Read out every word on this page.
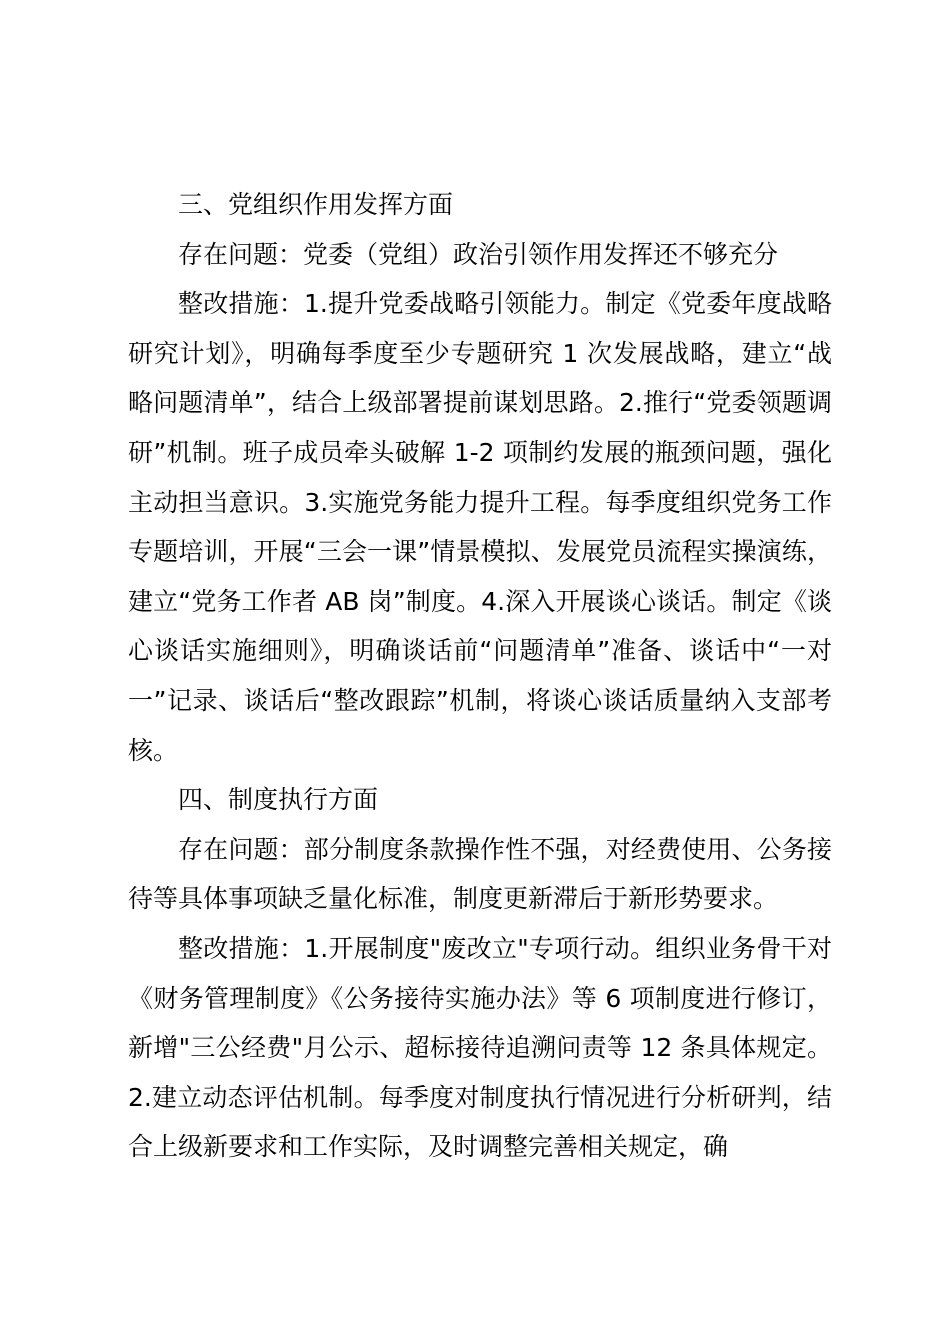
三、党组织作用发挥方面

存在问题：党委（党组）政治引领作用发挥还不够充分

整改措施：1.提升党委战略引领能力。制定《党委年度战略研究计划》，明确每季度至少专题研究 1 次发展战略，建立“战略问题清单”，结合上级部署提前谋划思路。2.推行“党委领题调研”机制。班子成员牵头破解 1-2 项制约发展的瓶颈问题，强化主动担当意识。3.实施党务能力提升工程。每季度组织党务工作专题培训，开展“三会一课”情景模拟、发展党员流程实操演练，建立“党务工作者 AB 岗”制度。4.深入开展谈心谈话。制定《谈心谈话实施细则》，明确谈话前“问题清单”准备、谈话中“一对一”记录、谈话后“整改跟踪”机制，将谈心谈话质量纳入支部考核。

四、制度执行方面

存在问题：部分制度条款操作性不强，对经费使用、公务接待等具体事项缺乏量化标准，制度更新滞后于新形势要求。

整改措施：1.开展制度"废改立"专项行动。组织业务骨干对《财务管理制度》《公务接待实施办法》等 6 项制度进行修订，新增"三公经费"月公示、超标接待追溯问责等 12 条具体规定。 2.建立动态评估机制。每季度对制度执行情况进行分析研判，结合上级新要求和工作实际，及时调整完善相关规定，确
